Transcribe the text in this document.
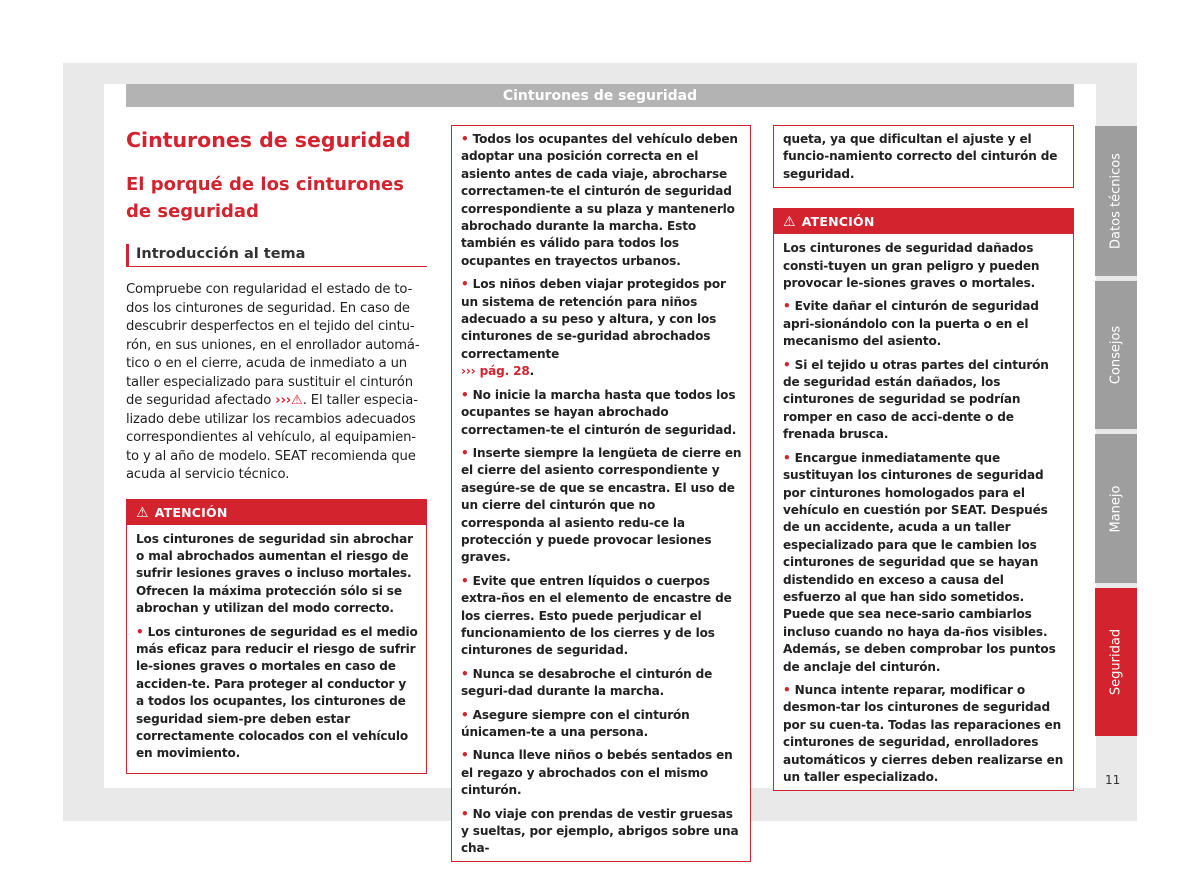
Cinturones de seguridad
Cinturones de seguridad
El porqué de los cinturones de seguridad
Introducción al tema
Compruebe con regularidad el estado de to-dos los cinturones de seguridad. En caso de descubrir desperfectos en el tejido del cintu-rón, en sus uniones, en el enrollador automá-tico o en el cierre, acuda de inmediato a un taller especializado para sustituir el cinturón de seguridad afectado ›››⚠. El taller especia-lizado debe utilizar los recambios adecuados correspondientes al vehículo, al equipamien-to y al año de modelo. SEAT recomienda que acuda al servicio técnico.
⚠ ATENCIÓN

Los cinturones de seguridad sin abrochar o mal abrochados aumentan el riesgo de sufrir lesiones graves o incluso mortales. Ofrecen la máxima protección sólo si se abrochan y utilizan del modo correcto.

• Los cinturones de seguridad es el medio más eficaz para reducir el riesgo de sufrir le-siones graves o mortales en caso de acciden-te. Para proteger al conductor y a todos los ocupantes, los cinturones de seguridad siem-pre deben estar correctamente colocados con el vehículo en movimiento.

• Todos los ocupantes del vehículo deben adoptar una posición correcta en el asiento antes de cada viaje, abrocharse correctamen-te el cinturón de seguridad correspondiente a su plaza y mantenerlo abrochado durante la marcha. Esto también es válido para todos los ocupantes en trayectos urbanos.

• Los niños deben viajar protegidos por un sistema de retención para niños adecuado a su peso y altura, y con los cinturones de se-guridad abrochados correctamente
››› pág. 28.

• No inicie la marcha hasta que todos los ocupantes se hayan abrochado correctamen-te el cinturón de seguridad.

• Inserte siempre la lengüeta de cierre en el cierre del asiento correspondiente y asegúre-se de que se encastra. El uso de un cierre del cinturón que no corresponda al asiento redu-ce la protección y puede provocar lesiones graves.

• Evite que entren líquidos o cuerpos extra-ños en el elemento de encastre de los cierres. Esto puede perjudicar el funcionamiento de los cierres y de los cinturones de seguridad.

• Nunca se desabroche el cinturón de seguri-dad durante la marcha.

• Asegure siempre con el cinturón únicamen-te a una persona.

• Nunca lleve niños o bebés sentados en el regazo y abrochados con el mismo cinturón.

• No viaje con prendas de vestir gruesas y sueltas, por ejemplo, abrigos sobre una cha-

queta, ya que dificultan el ajuste y el funcio-namiento correcto del cinturón de seguridad.

⚠ ATENCIÓN

Los cinturones de seguridad dañados consti-tuyen un gran peligro y pueden provocar le-siones graves o mortales.

• Evite dañar el cinturón de seguridad apri-sionándolo con la puerta o en el mecanismo del asiento.

• Si el tejido u otras partes del cinturón de seguridad están dañados, los cinturones de seguridad se podrían romper en caso de acci-dente o de frenada brusca.

• Encargue inmediatamente que sustituyan los cinturones de seguridad por cinturones homologados para el vehículo en cuestión por SEAT. Después de un accidente, acuda a un taller especializado para que le cambien los cinturones de seguridad que se hayan distendido en exceso a causa del esfuerzo al que han sido sometidos. Puede que sea nece-sario cambiarlos incluso cuando no haya da-ños visibles. Además, se deben comprobar los puntos de anclaje del cinturón.

• Nunca intente reparar, modificar o desmon-tar los cinturones de seguridad por su cuen-ta. Todas las reparaciones en cinturones de seguridad, enrolladores automáticos y cierres deben realizarse en un taller especializado.

Datos técnicos
Consejos
Manejo
Seguridad
11
